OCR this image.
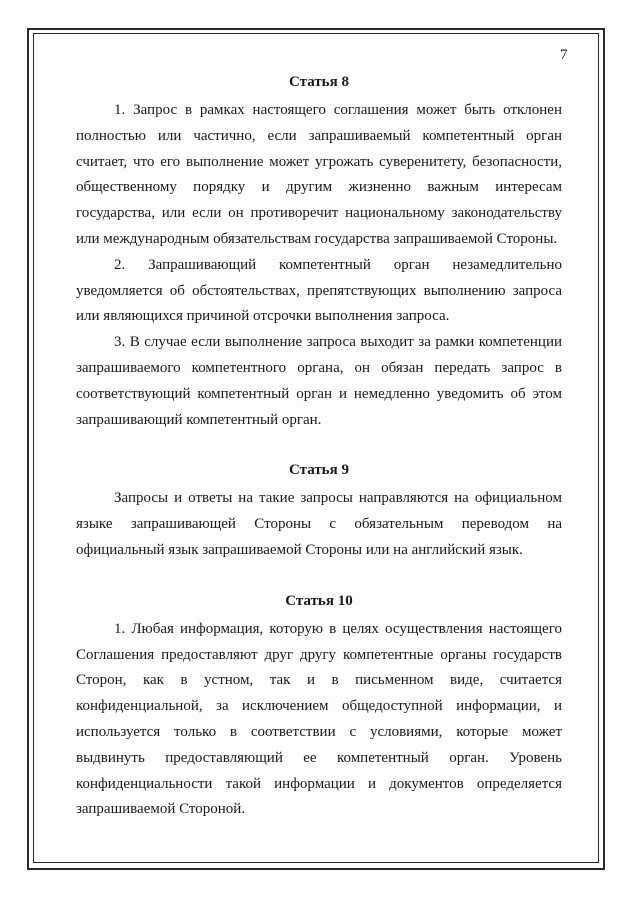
7

Статья 8

1. Запрос в рамках настоящего соглашения может быть отклонен полностью или частично, если запрашиваемый компетентный орган считает, что его выполнение может угрожать суверенитету, безопасности, общественному порядку и другим жизненно важным интересам государства, или если он противоречит национальному законодательству или международным обязательствам государства запрашиваемой Стороны.

2. Запрашивающий компетентный орган незамедлительно уведомляется об обстоятельствах, препятствующих выполнению запроса или являющихся причиной отсрочки выполнения запроса.

3. В случае если выполнение запроса выходит за рамки компетенции запрашиваемого компетентного органа, он обязан передать запрос в соответствующий компетентный орган и немедленно уведомить об этом запрашивающий компетентный орган.

Статья 9

Запросы и ответы на такие запросы направляются на официальном языке запрашивающей Стороны с обязательным переводом на официальный язык запрашиваемой Стороны или на английский язык.

Статья 10

1. Любая информация, которую в целях осуществления настоящего Соглашения предоставляют друг другу компетентные органы государств Сторон, как в устном, так и в письменном виде, считается конфиденциальной, за исключением общедоступной информации, и используется только в соответствии с условиями, которые может выдвинуть предоставляющий ее компетентный орган. Уровень конфиденциальности такой информации и документов определяется запрашиваемой Стороной.
